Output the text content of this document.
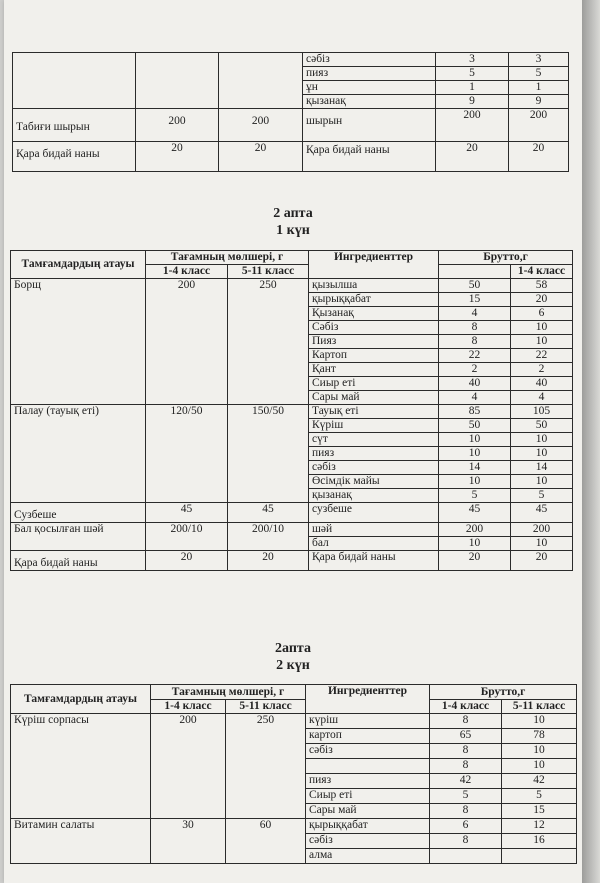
			сәбіз	3	3
			пияз	5	5
			ұн	1	1
			қызанақ	9	9
Табиғи шырын	200	200	шырын	200	200
Қара бидай наны	20	20	Қара бидай наны	20	20
2 апта
1 күн
Тамғамдардың атауы	Тағамның мөлшері, г		Ингредиенттер	Брутто,г	
	1-4 класс	5-11 класс			1-4 класс
Борщ	200	250	қызылша	50	58
			қырыққабат	15	20
			Қызанақ	4	6
			Сәбіз	8	10
			Пияз	8	10
			Картоп	22	22
			Қант	2	2
			Сиыр еті	40	40
			Сары май	4	4
Палау (тауық еті)	120/50	150/50	Тауық еті	85	105
			Күріш	50	50
			сүт	10	10
			пияз	10	10
			сәбіз	14	14
			Өсімдік майы	10	10
			қызанақ	5	5
Сузбеше	45	45	сузбеше	45	45
Бал қосылған шәй	200/10	200/10	шәй	200	200
			бал	10	10
Қара бидай наны	20	20	Қара бидай наны	20	20
2апта
2 күн
Тамғамдардың атауы	Тағамның мөлшері, г		Ингредиенттер	Брутто,г	
	1-4 класс	5-11 класс		1-4 класс	5-11 класс
Күріш сорпасы	200	250	күріш	8	10
			картоп	65	78
			сәбіз	8	10
				8	10
			пияз	42	42
			Сиыр еті	5	5
			Сары май	8	15
Витамин салаты	30	60	қырыққабат	6	12
			сәбіз	8	16
			алма		
